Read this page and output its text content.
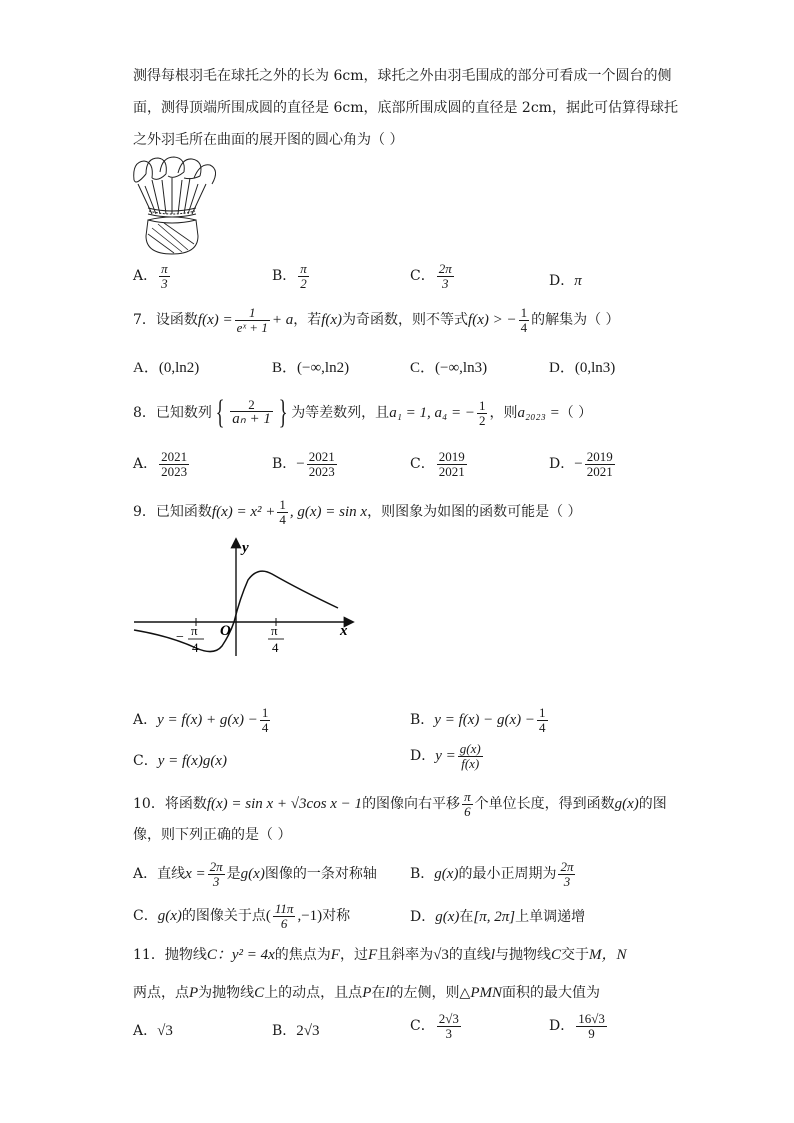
测得每根羽毛在球托之外的长为 6cm，球托之外由羽毛围成的部分可看成一个圆台的侧
面，测得顶端所围成圆的直径是 6cm，底部所围成圆的直径是 2cm，据此可估算得球托
之外羽毛所在曲面的展开图的圆心角为（ ）
A． $\frac{\pi}{3}$	B． $\frac{\pi}{2}$	C． $\frac{2\pi}{3}$	D．π
7．设函数$f(x) = \frac{1}{\text{eˣ + 1}} + a$，若f(x)为奇函数，则不等式f(x) > − $\frac{1}{4}$ 的解集为（ ）
A．(0,ln2)	B．(−∞,ln2)	C．(−∞,ln3)	D．(0,ln3)
8．已知数列 { $\frac{2}{\text{aₙ + 1}}$ } 为等差数列，且a₁ = 1, a₄ = − $\frac{1}{2}$ ，则a₂₀₂₃ =（ ）
A． $\frac{2021}{2023}$	B．− $\frac{2021}{2023}$	C． $\frac{2019}{2021}$	D．− $\frac{2019}{2021}$
9．已知函数$f(x) = x^2 + \frac{1}{4}$ , g(x) = sin x，则图象为如图的函数可能是（ ）
y
x
O
− π
4
π
4
A．$y = f(x) + g(x) - \frac{1}{4}$	B．$y = f(x) - g(x) - \frac{1}{4}$
C．y = f(x)g(x)	D．$y = \frac{g(x)}{f(x)}$
10．将函数f(x) = sin x + √3cos x − 1的图像向右平移 $\frac{\pi}{6}$ 个单位长度，得到函数g(x)的图
像，则下列正确的是（ ）
A．直线$x = \frac{2\pi}{3}$ 是g(x)图像的一条对称轴 B．g(x)的最小正周期为 $\frac{2\pi}{3}$
C．g(x)的图像关于点( $\frac{11\pi}{6} ,-1$)对称	D．g(x)在[π, 2π]上单调递增
11．抛物线C：y² = 4x的焦点为F，过F且斜率为√3的直线l与抛物线C交于M，N
两点，点P为抛物线C上的动点，且点P在l的左侧，则△PMN面积的最大值为
A．√3	B．2√3	C． $\frac{2√3}{3}$	D． $\frac{16√3}{9}$
